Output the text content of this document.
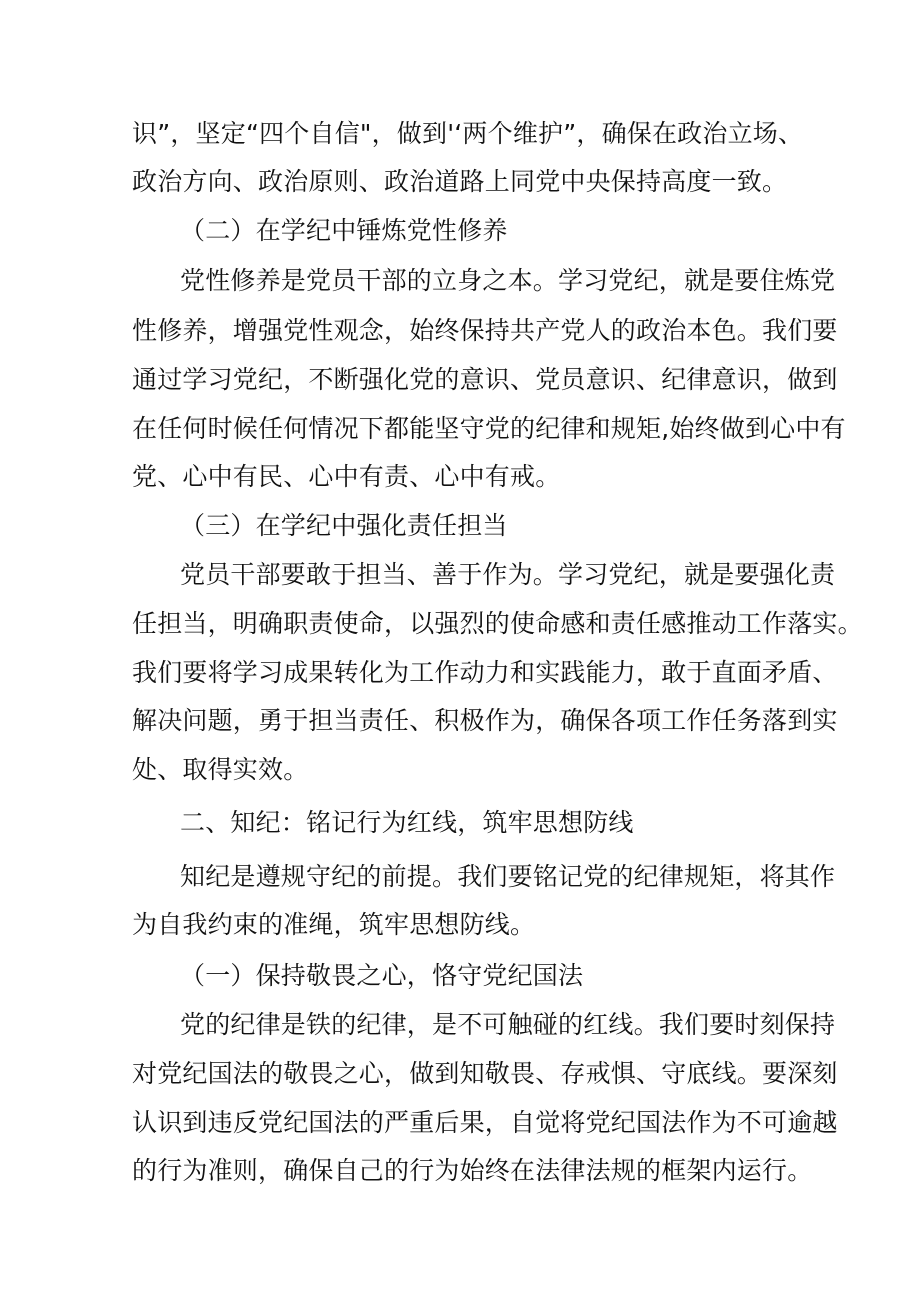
识”，坚定“四个自信"，做到'‘两个维护”，确保在政治立场、
政治方向、政治原则、政治道路上同党中央保持高度一致。
（二）在学纪中锤炼党性修养
党性修养是党员干部的立身之本。学习党纪，就是要住炼党
性修养，增强党性观念，始终保持共产党人的政治本色。我们要
通过学习党纪，不断强化党的意识、党员意识、纪律意识，做到
在任何时候任何情况下都能坚守党的纪律和规矩,始终做到心中有
党、心中有民、心中有责、心中有戒。
（三）在学纪中强化责任担当
党员干部要敢于担当、善于作为。学习党纪，就是要强化责
任担当，明确职责使命，以强烈的使命感和责任感推动工作落实。
我们要将学习成果转化为工作动力和实践能力，敢于直面矛盾、
解决问题，勇于担当责任、积极作为，确保各项工作任务落到实
处、取得实效。
二、知纪：铭记行为红线，筑牢思想防线
知纪是遵规守纪的前提。我们要铭记党的纪律规矩，将其作
为自我约束的准绳，筑牢思想防线。
（一）保持敬畏之心，恪守党纪国法
党的纪律是铁的纪律，是不可触碰的红线。我们要时刻保持
对党纪国法的敬畏之心，做到知敬畏、存戒惧、守底线。要深刻
认识到违反党纪国法的严重后果，自觉将党纪国法作为不可逾越
的行为准则，确保自己的行为始终在法律法规的框架内运行。
